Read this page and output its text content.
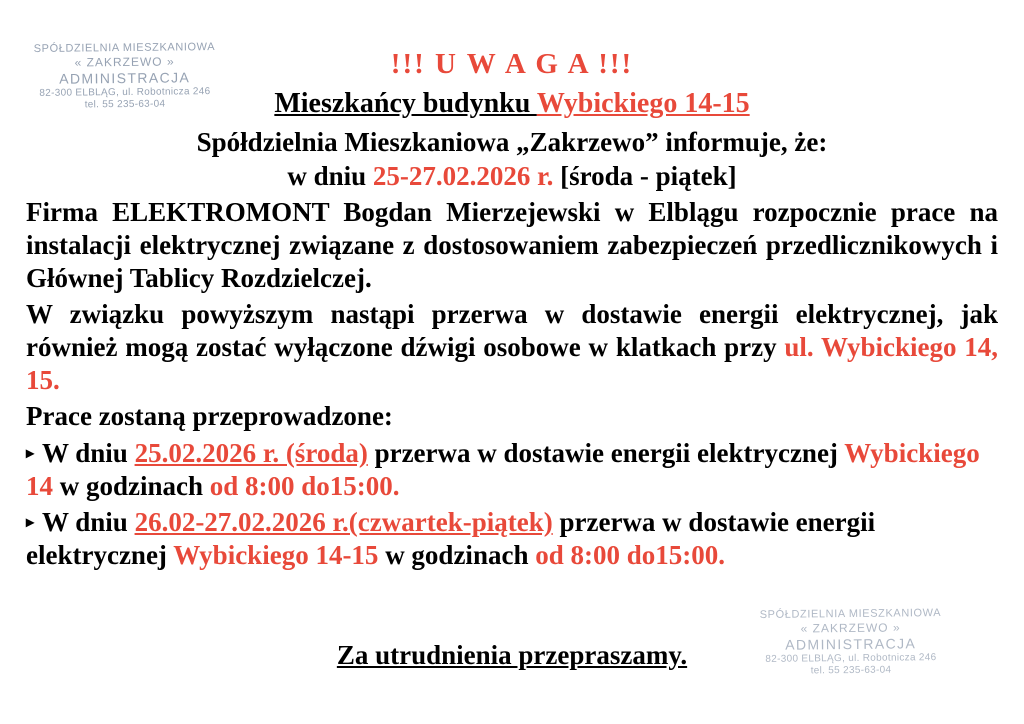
SPÓŁDZIELNIA MIESZKANIOWA
« ZAKRZEWO »
ADMINISTRACJA
82-300 ELBLĄG, ul. Robotnicza 246
tel. 55 235-63-04
SPÓŁDZIELNIA MIESZKANIOWA
« ZAKRZEWO »
ADMINISTRACJA
82-300 ELBLĄG, ul. Robotnicza 246
tel. 55 235-63-04
!!! U W A G A !!!
Mieszkańcy budynku Wybickiego 14-15
Spółdzielnia Mieszkaniowa „Zakrzewo” informuje, że:
w dniu 25-27.02.2026 r. [środa - piątek]
Firma ELEKTROMONT Bogdan Mierzejewski w Elblągu rozpocznie prace na instalacji elektrycznej związane z dostosowaniem zabezpieczeń przedlicznikowych i Głównej Tablicy Rozdzielczej.
W związku powyższym nastąpi przerwa w dostawie energii elektrycznej, jak również mogą zostać wyłączone dźwigi osobowe w klatkach przy ul. Wybickiego 14, 15.
Prace zostaną przeprowadzone:
▸ W dniu 25.02.2026 r. (środa) przerwa w dostawie energii elektrycznej Wybickiego 14 w godzinach od 8:00 do15:00.
▸ W dniu 26.02-27.02.2026 r.(czwartek-piątek) przerwa w dostawie energii elektrycznej Wybickiego 14-15 w godzinach od 8:00 do15:00.
Za utrudnienia przepraszamy.
